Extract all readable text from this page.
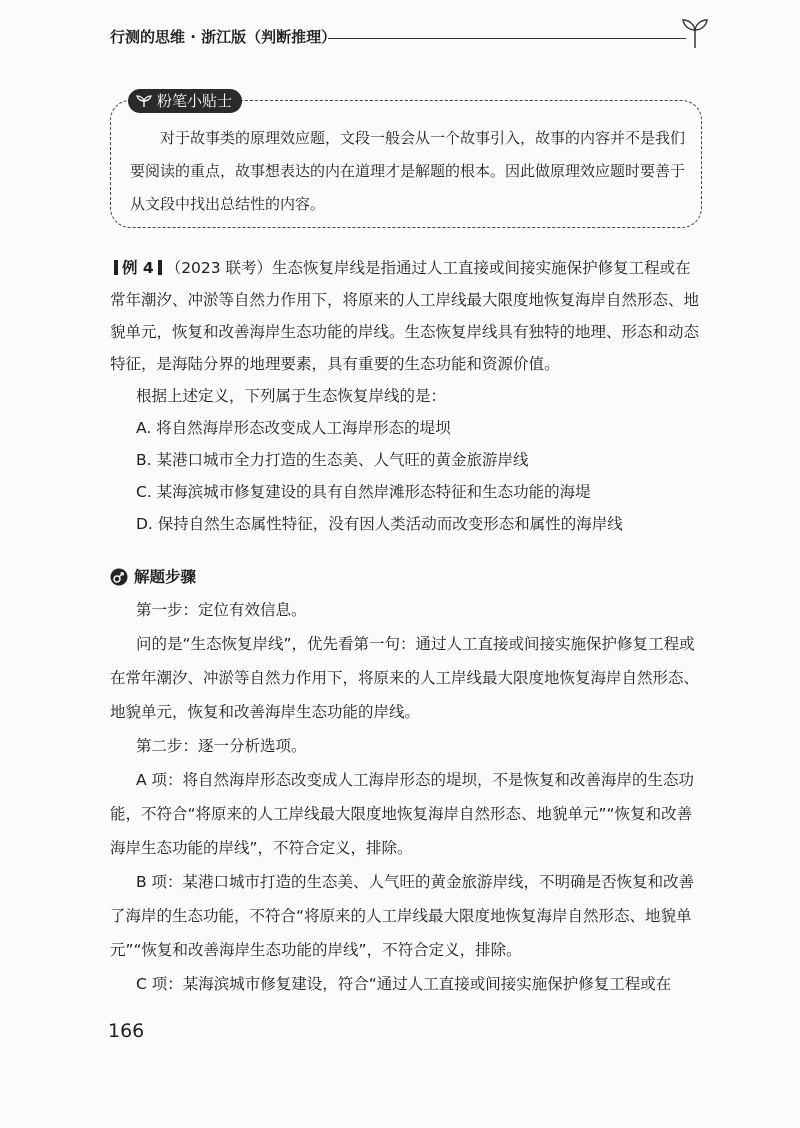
行测的思维 · 浙江版（判断推理）
粉笔小贴士
对于故事类的原理效应题，文段一般会从一个故事引入，故事的内容并不是我们要阅读的重点，故事想表达的内在道理才是解题的根本。因此做原理效应题时要善于从文段中找出总结性的内容。

例 4 （2023 联考）生态恢复岸线是指通过人工直接或间接实施保护修复工程或在常年潮汐、冲淤等自然力作用下，将原来的人工岸线最大限度地恢复海岸自然形态、地貌单元，恢复和改善海岸生态功能的岸线。生态恢复岸线具有独特的地理、形态和动态特征，是海陆分界的地理要素，具有重要的生态功能和资源价值。

根据上述定义，下列属于生态恢复岸线的是：

A. 将自然海岸形态改变成人工海岸形态的堤坝

B. 某港口城市全力打造的生态美、人气旺的黄金旅游岸线

C. 某海滨城市修复建设的具有自然岸滩形态特征和生态功能的海堤

D. 保持自然生态属性特征，没有因人类活动而改变形态和属性的海岸线

解题步骤

第一步：定位有效信息。

问的是“生态恢复岸线”，优先看第一句：通过人工直接或间接实施保护修复工程或在常年潮汐、冲淤等自然力作用下，将原来的人工岸线最大限度地恢复海岸自然形态、地貌单元，恢复和改善海岸生态功能的岸线。

第二步：逐一分析选项。

A 项：将自然海岸形态改变成人工海岸形态的堤坝，不是恢复和改善海岸的生态功能，不符合“将原来的人工岸线最大限度地恢复海岸自然形态、地貌单元”“恢复和改善海岸生态功能的岸线”，不符合定义，排除。

B 项：某港口城市打造的生态美、人气旺的黄金旅游岸线，不明确是否恢复和改善了海岸的生态功能，不符合“将原来的人工岸线最大限度地恢复海岸自然形态、地貌单元”“恢复和改善海岸生态功能的岸线”，不符合定义，排除。

C 项：某海滨城市修复建设，符合“通过人工直接或间接实施保护修复工程或在

166
